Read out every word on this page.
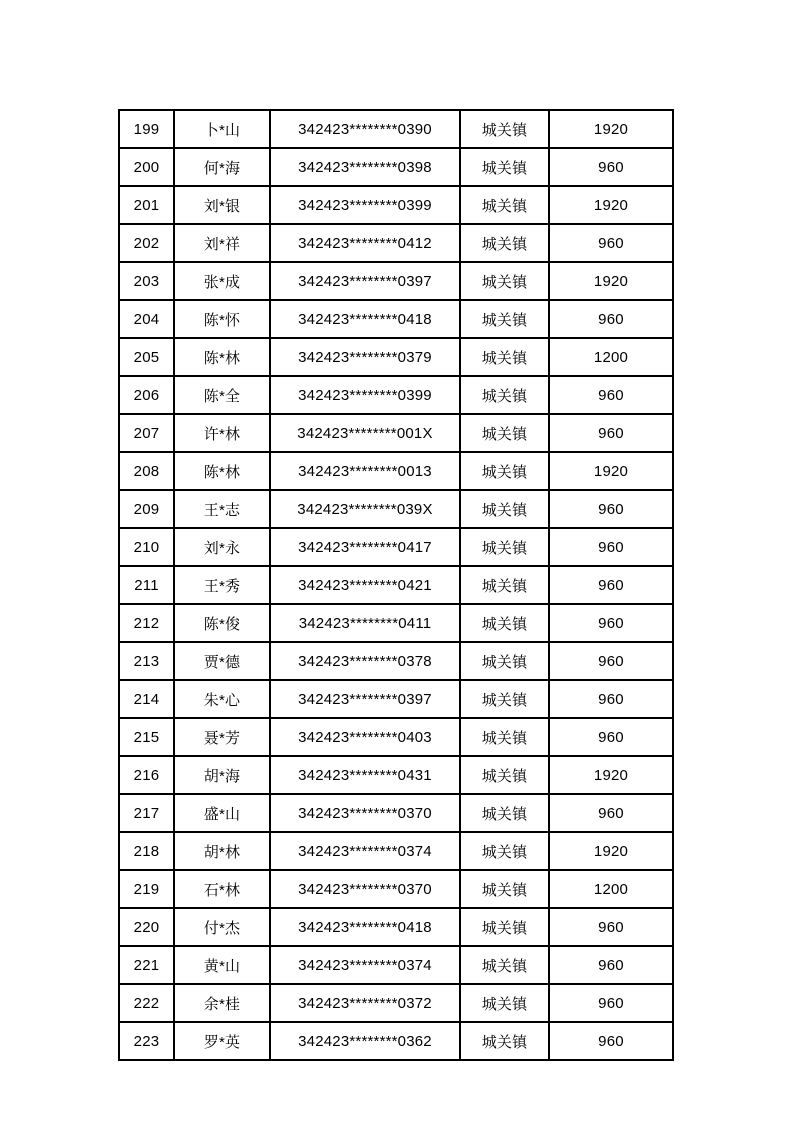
199	卜*山	342423********0390	城关镇	1920
200	何*海	342423********0398	城关镇	960
201	刘*银	342423********0399	城关镇	1920
202	刘*祥	342423********0412	城关镇	960
203	张*成	342423********0397	城关镇	1920
204	陈*怀	342423********0418	城关镇	960
205	陈*林	342423********0379	城关镇	1200
206	陈*全	342423********0399	城关镇	960
207	许*林	342423********001X	城关镇	960
208	陈*林	342423********0013	城关镇	1920
209	王*志	342423********039X	城关镇	960
210	刘*永	342423********0417	城关镇	960
211	王*秀	342423********0421	城关镇	960
212	陈*俊	342423********0411	城关镇	960
213	贾*德	342423********0378	城关镇	960
214	朱*心	342423********0397	城关镇	960
215	聂*芳	342423********0403	城关镇	960
216	胡*海	342423********0431	城关镇	1920
217	盛*山	342423********0370	城关镇	960
218	胡*林	342423********0374	城关镇	1920
219	石*林	342423********0370	城关镇	1200
220	付*杰	342423********0418	城关镇	960
221	黄*山	342423********0374	城关镇	960
222	余*桂	342423********0372	城关镇	960
223	罗*英	342423********0362	城关镇	960
